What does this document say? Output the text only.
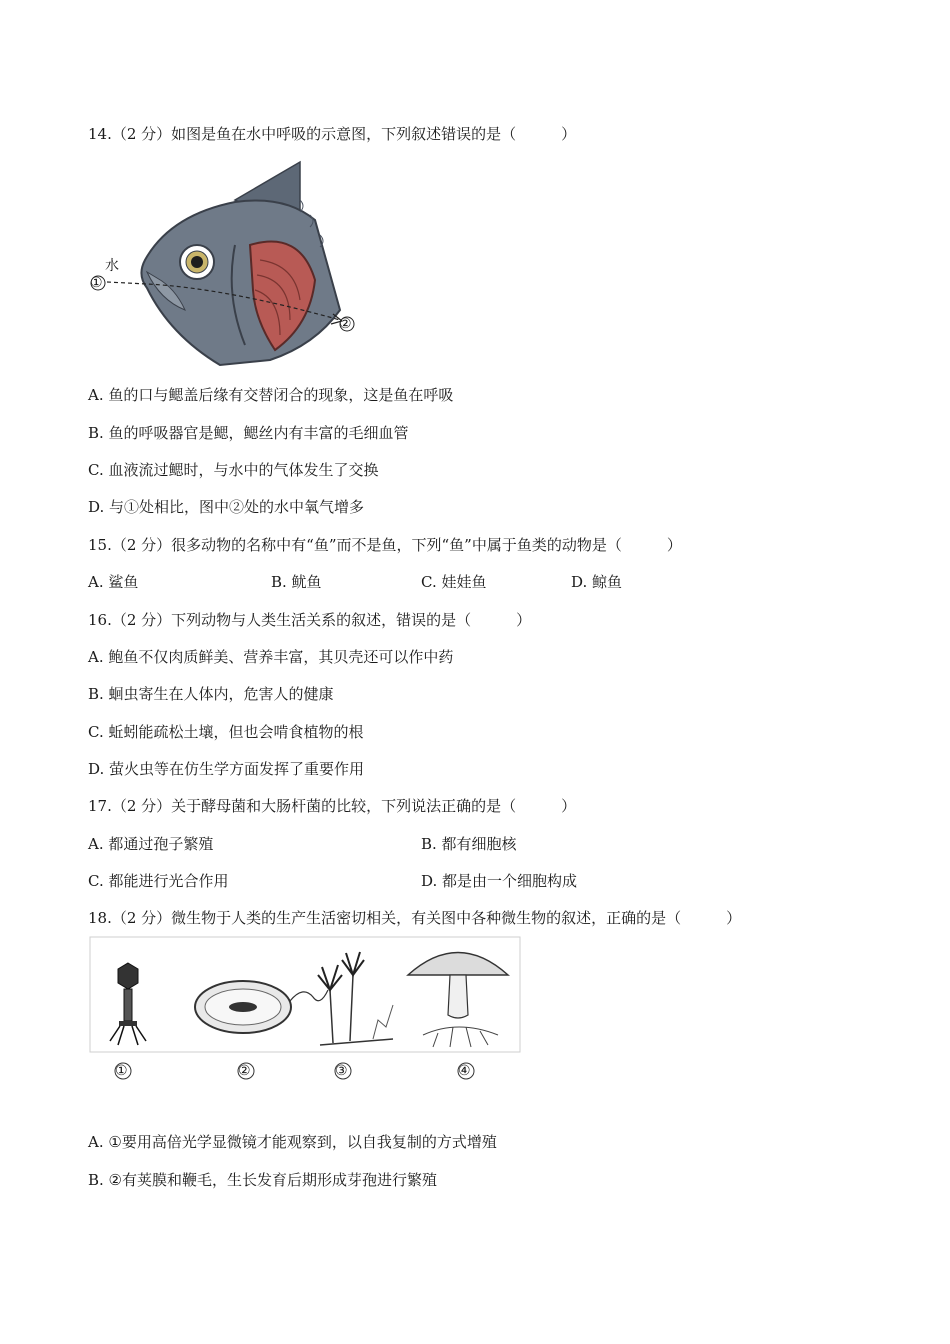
14.（2 分）如图是鱼在水中呼吸的示意图，下列叙述错误的是（　　　）
水
①
②
A. 鱼的口与鳃盖后缘有交替闭合的现象，这是鱼在呼吸
B. 鱼的呼吸器官是鳃，鳃丝内有丰富的毛细血管
C. 血液流过鳃时，与水中的气体发生了交换
D. 与①处相比，图中②处的水中氧气增多
15.（2 分）很多动物的名称中有“鱼”而不是鱼，下列“鱼”中属于鱼类的动物是（　　　）
A. 鲨鱼	B. 鱿鱼	C. 娃娃鱼	D. 鲸鱼
16.（2 分）下列动物与人类生活关系的叙述，错误的是（　　　）
A. 鲍鱼不仅肉质鲜美、营养丰富，其贝壳还可以作中药
B. 蛔虫寄生在人体内，危害人的健康
C. 蚯蚓能疏松土壤，但也会啃食植物的根
D. 萤火虫等在仿生学方面发挥了重要作用
17.（2 分）关于酵母菌和大肠杆菌的比较，下列说法正确的是（　　　）
A. 都通过孢子繁殖	B. 都有细胞核
C. 都能进行光合作用	D. 都是由一个细胞构成
18.（2 分）微生物于人类的生产生活密切相关，有关图中各种微生物的叙述，正确的是（　　　）
①	②	③	④
A. ①要用高倍光学显微镜才能观察到，以自我复制的方式增殖
B. ②有荚膜和鞭毛，生长发育后期形成芽孢进行繁殖
